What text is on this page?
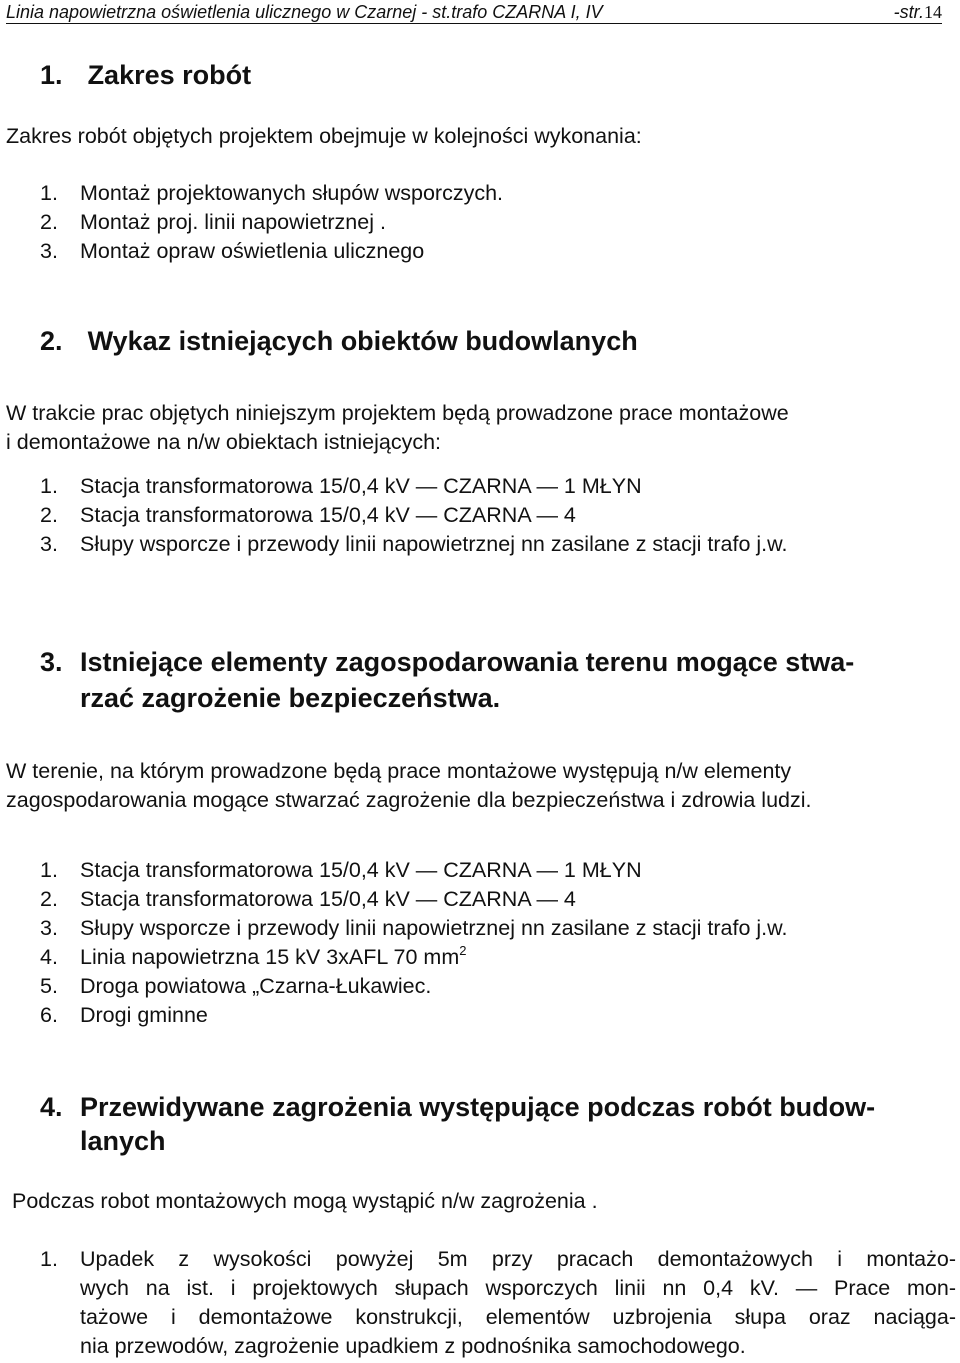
Linia napowietrzna oświetlenia ulicznego w Czarnej - st.trafo CZARNA I, IV	-str.14
1. Zakres robót
Zakres robót objętych projektem obejmuje w kolejności wykonania:
1. Montaż projektowanych słupów wsporczych.
2. Montaż proj. linii napowietrznej .
3. Montaż opraw oświetlenia ulicznego
2. Wykaz istniejących obiektów budowlanych
W trakcie prac objętych niniejszym projektem będą prowadzone prace montażowe
i demontażowe na n/w obiektach istniejących:
1. Stacja transformatorowa 15/0,4 kV — CZARNA — 1 MŁYN
2. Stacja transformatorowa 15/0,4 kV — CZARNA — 4
3. Słupy wsporcze i przewody linii napowietrznej nn zasilane z stacji trafo j.w.
3. Istniejące elementy zagospodarowania terenu mogące stwa-
rzać zagrożenie bezpieczeństwa.
W terenie, na którym prowadzone będą prace montażowe występują n/w elementy
zagospodarowania mogące stwarzać zagrożenie dla bezpieczeństwa i zdrowia ludzi.
1. Stacja transformatorowa 15/0,4 kV — CZARNA — 1 MŁYN
2. Stacja transformatorowa 15/0,4 kV — CZARNA — 4
3. Słupy wsporcze i przewody linii napowietrznej nn zasilane z stacji trafo j.w.
4. Linia napowietrzna 15 kV 3xAFL 70 $mm^2$
5. Droga powiatowa „Czarna-Łukawiec.
6. Drogi gminne
4. Przewidywane zagrożenia występujące podczas robót budow-
lanych
Podczas robot montażowych mogą wystąpić n/w zagrożenia .
1. Upadek z wysokości powyżej 5m przy pracach demontażowych i montażo-
wych na ist. i projektowych słupach wsporczych linii nn 0,4 kV. — Prace mon-
tażowe i demontażowe konstrukcji, elementów uzbrojenia słupa oraz naciąga-
nia przewodów, zagrożenie upadkiem z podnośnika samochodowego.
